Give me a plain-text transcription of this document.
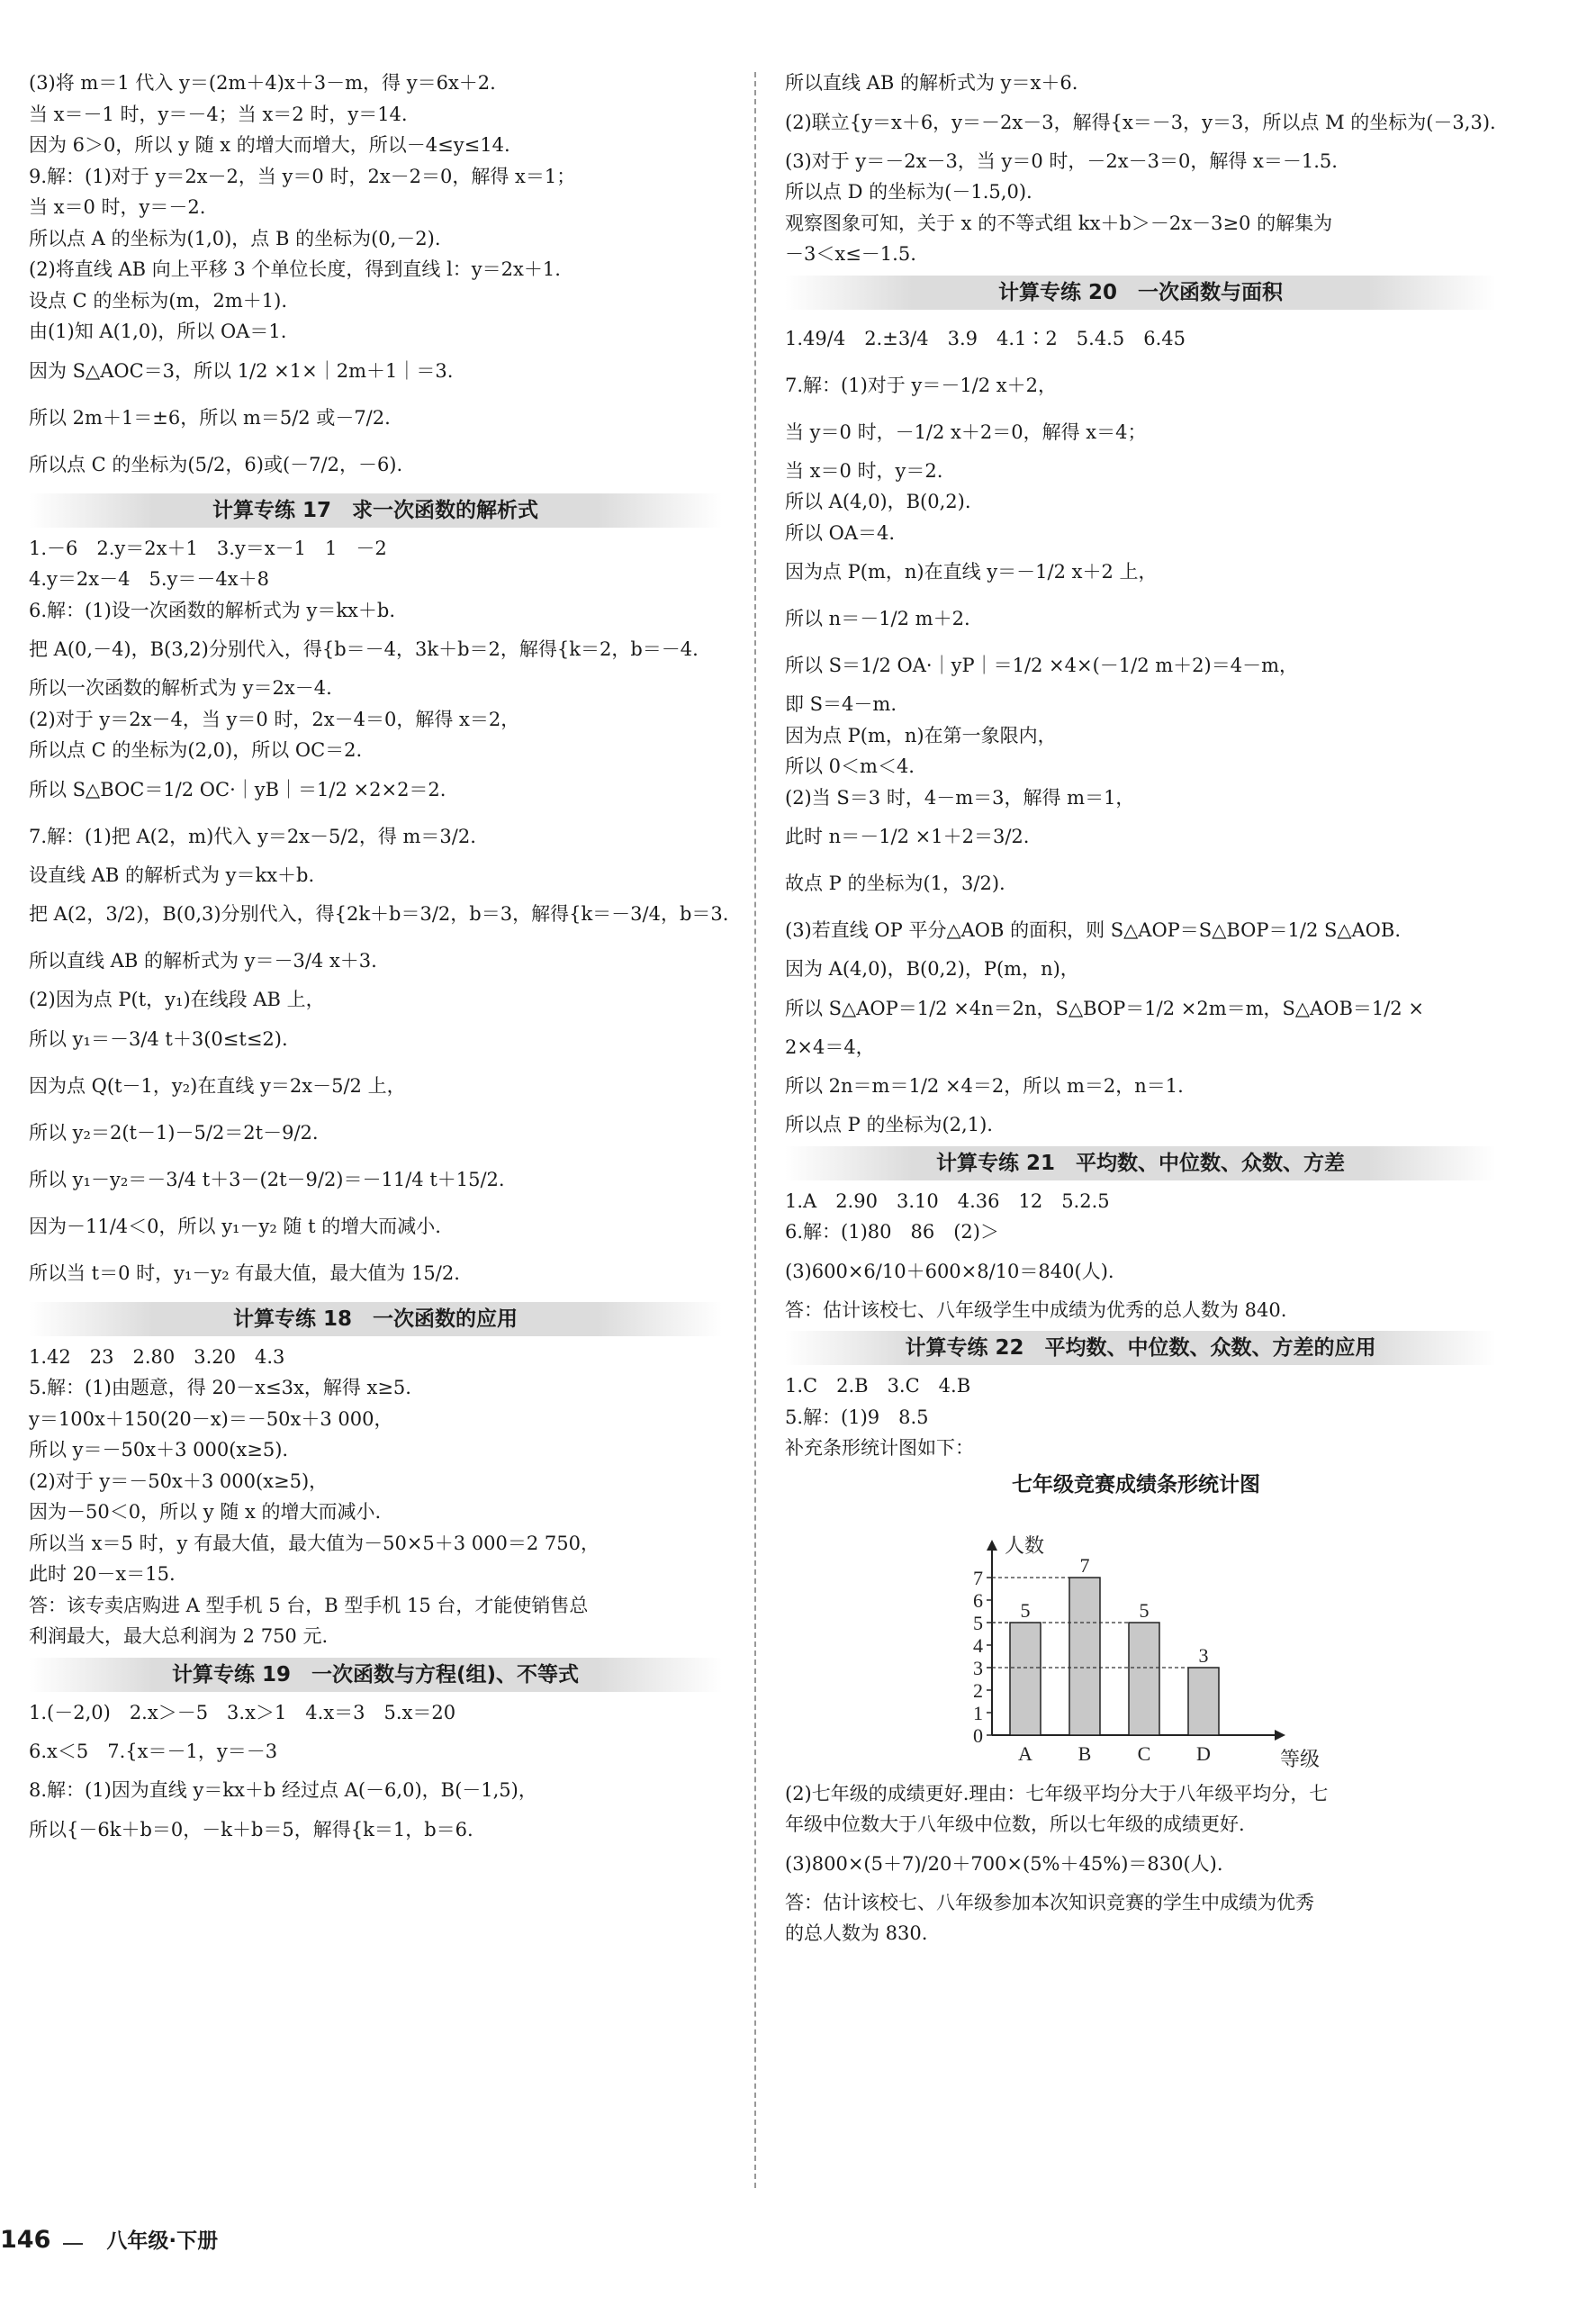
(3)将 m＝1 代入 y＝(2m＋4)x＋3－m，得 y＝6x＋2.
当 x＝－1 时，y＝－4；当 x＝2 时，y＝14.
因为 6＞0，所以 y 随 x 的增大而增大，所以－4≤y≤14.
9.解：(1)对于 y＝2x－2，当 y＝0 时，2x－2＝0，解得 x＝1；
当 x＝0 时，y＝－2.
所以点 A 的坐标为(1,0)，点 B 的坐标为(0,－2).
(2)将直线 AB 向上平移 3 个单位长度，得到直线 l：y＝2x＋1.
设点 C 的坐标为(m，2m＋1).
由(1)知 A(1,0)，所以 OA＝1.
因为 S△AOC＝3，所以 1/2 ×1×｜2m＋1｜＝3.
所以 2m＋1＝±6，所以 m＝5/2 或－7/2.
所以点 C 的坐标为(5/2，6)或(－7/2，－6).
计算专练 17　求一次函数的解析式
1.－6　2.y＝2x＋1　3.y＝x－1　1　－2
4.y＝2x－4　5.y＝－4x＋8
6.解：(1)设一次函数的解析式为 y＝kx＋b.
把 A(0,－4)，B(3,2)分别代入，得{b＝－4，3k＋b＝2，解得{k＝2，b＝－4.
所以一次函数的解析式为 y＝2x－4.
(2)对于 y＝2x－4，当 y＝0 时，2x－4＝0，解得 x＝2，
所以点 C 的坐标为(2,0)，所以 OC＝2.
所以 S△BOC＝1/2 OC·｜yB｜＝1/2 ×2×2＝2.
7.解：(1)把 A(2，m)代入 y＝2x－5/2，得 m＝3/2.
设直线 AB 的解析式为 y＝kx＋b.
把 A(2，3/2)，B(0,3)分别代入，得{2k＋b＝3/2，b＝3，解得{k＝－3/4，b＝3.
所以直线 AB 的解析式为 y＝－3/4 x＋3.
(2)因为点 P(t，y₁)在线段 AB 上，
所以 y₁＝－3/4 t＋3(0≤t≤2).
因为点 Q(t－1，y₂)在直线 y＝2x－5/2 上，
所以 y₂＝2(t－1)－5/2＝2t－9/2.
所以 y₁－y₂＝－3/4 t＋3－(2t－9/2)＝－11/4 t＋15/2.
因为－11/4＜0，所以 y₁－y₂ 随 t 的增大而减小.
所以当 t＝0 时，y₁－y₂ 有最大值，最大值为 15/2.
计算专练 18　一次函数的应用
1.42　23　2.80　3.20　4.3
5.解：(1)由题意，得 20－x≤3x，解得 x≥5.
y＝100x＋150(20－x)＝－50x＋3 000，
所以 y＝－50x＋3 000(x≥5).
(2)对于 y＝－50x＋3 000(x≥5)，
因为－50＜0，所以 y 随 x 的增大而减小.
所以当 x＝5 时，y 有最大值，最大值为－50×5＋3 000＝2 750，
此时 20－x＝15.
答：该专卖店购进 A 型手机 5 台，B 型手机 15 台，才能使销售总
利润最大，最大总利润为 2 750 元.
计算专练 19　一次函数与方程(组)、不等式
1.(－2,0)　2.x＞－5　3.x＞1　4.x＝3　5.x＝20
6.x＜5　7.{x＝－1，y＝－3
8.解：(1)因为直线 y＝kx＋b 经过点 A(－6,0)，B(－1,5)，
所以{－6k＋b＝0，－k＋b＝5，解得{k＝1，b＝6.
所以直线 AB 的解析式为 y＝x＋6.
(2)联立{y＝x＋6，y＝－2x－3，解得{x＝－3，y＝3，所以点 M 的坐标为(－3,3).
(3)对于 y＝－2x－3，当 y＝0 时，－2x－3＝0，解得 x＝－1.5.
所以点 D 的坐标为(－1.5,0).
观察图象可知，关于 x 的不等式组 kx＋b＞－2x－3≥0 的解集为
－3＜x≤－1.5.
计算专练 20　一次函数与面积
1.49/4　2.±3/4　3.9　4.1∶2　5.4.5　6.45
7.解：(1)对于 y＝－1/2 x＋2，
当 y＝0 时，－1/2 x＋2＝0，解得 x＝4；
当 x＝0 时，y＝2.
所以 A(4,0)，B(0,2).
所以 OA＝4.
因为点 P(m，n)在直线 y＝－1/2 x＋2 上，
所以 n＝－1/2 m＋2.
所以 S＝1/2 OA·｜yP｜＝1/2 ×4×(－1/2 m＋2)＝4－m，
即 S＝4－m.
因为点 P(m，n)在第一象限内，
所以 0＜m＜4.
(2)当 S＝3 时，4－m＝3，解得 m＝1，
此时 n＝－1/2 ×1＋2＝3/2.
故点 P 的坐标为(1，3/2).
(3)若直线 OP 平分△AOB 的面积，则 S△AOP＝S△BOP＝1/2 S△AOB.
因为 A(4,0)，B(0,2)，P(m，n)，
所以 S△AOP＝1/2 ×4n＝2n，S△BOP＝1/2 ×2m＝m，S△AOB＝1/2 ×
2×4＝4，
所以 2n＝m＝1/2 ×4＝2，所以 m＝2，n＝1.
所以点 P 的坐标为(2,1).
计算专练 21　平均数、中位数、众数、方差
1.A　2.90　3.10　4.36　12　5.2.5
6.解：(1)80　86　(2)＞
(3)600×6/10＋600×8/10＝840(人).
答：估计该校七、八年级学生中成绩为优秀的总人数为 840.
计算专练 22　平均数、中位数、众数、方差的应用
1.C　2.B　3.C　4.B
5.解：(1)9　8.5
补充条形统计图如下：
七年级竞赛成绩条形统计图
0
1
2
3
4
5
6
7
人数
等级
5
A
7
B
5
C
3
D
(2)七年级的成绩更好.理由：七年级平均分大于八年级平均分，七
年级中位数大于八年级中位数，所以七年级的成绩更好.
(3)800×(5＋7)/20＋700×(5%＋45%)＝830(人).
答：估计该校七、八年级参加本次知识竞赛的学生中成绩为优秀
的总人数为 830.
146	八年级·下册
